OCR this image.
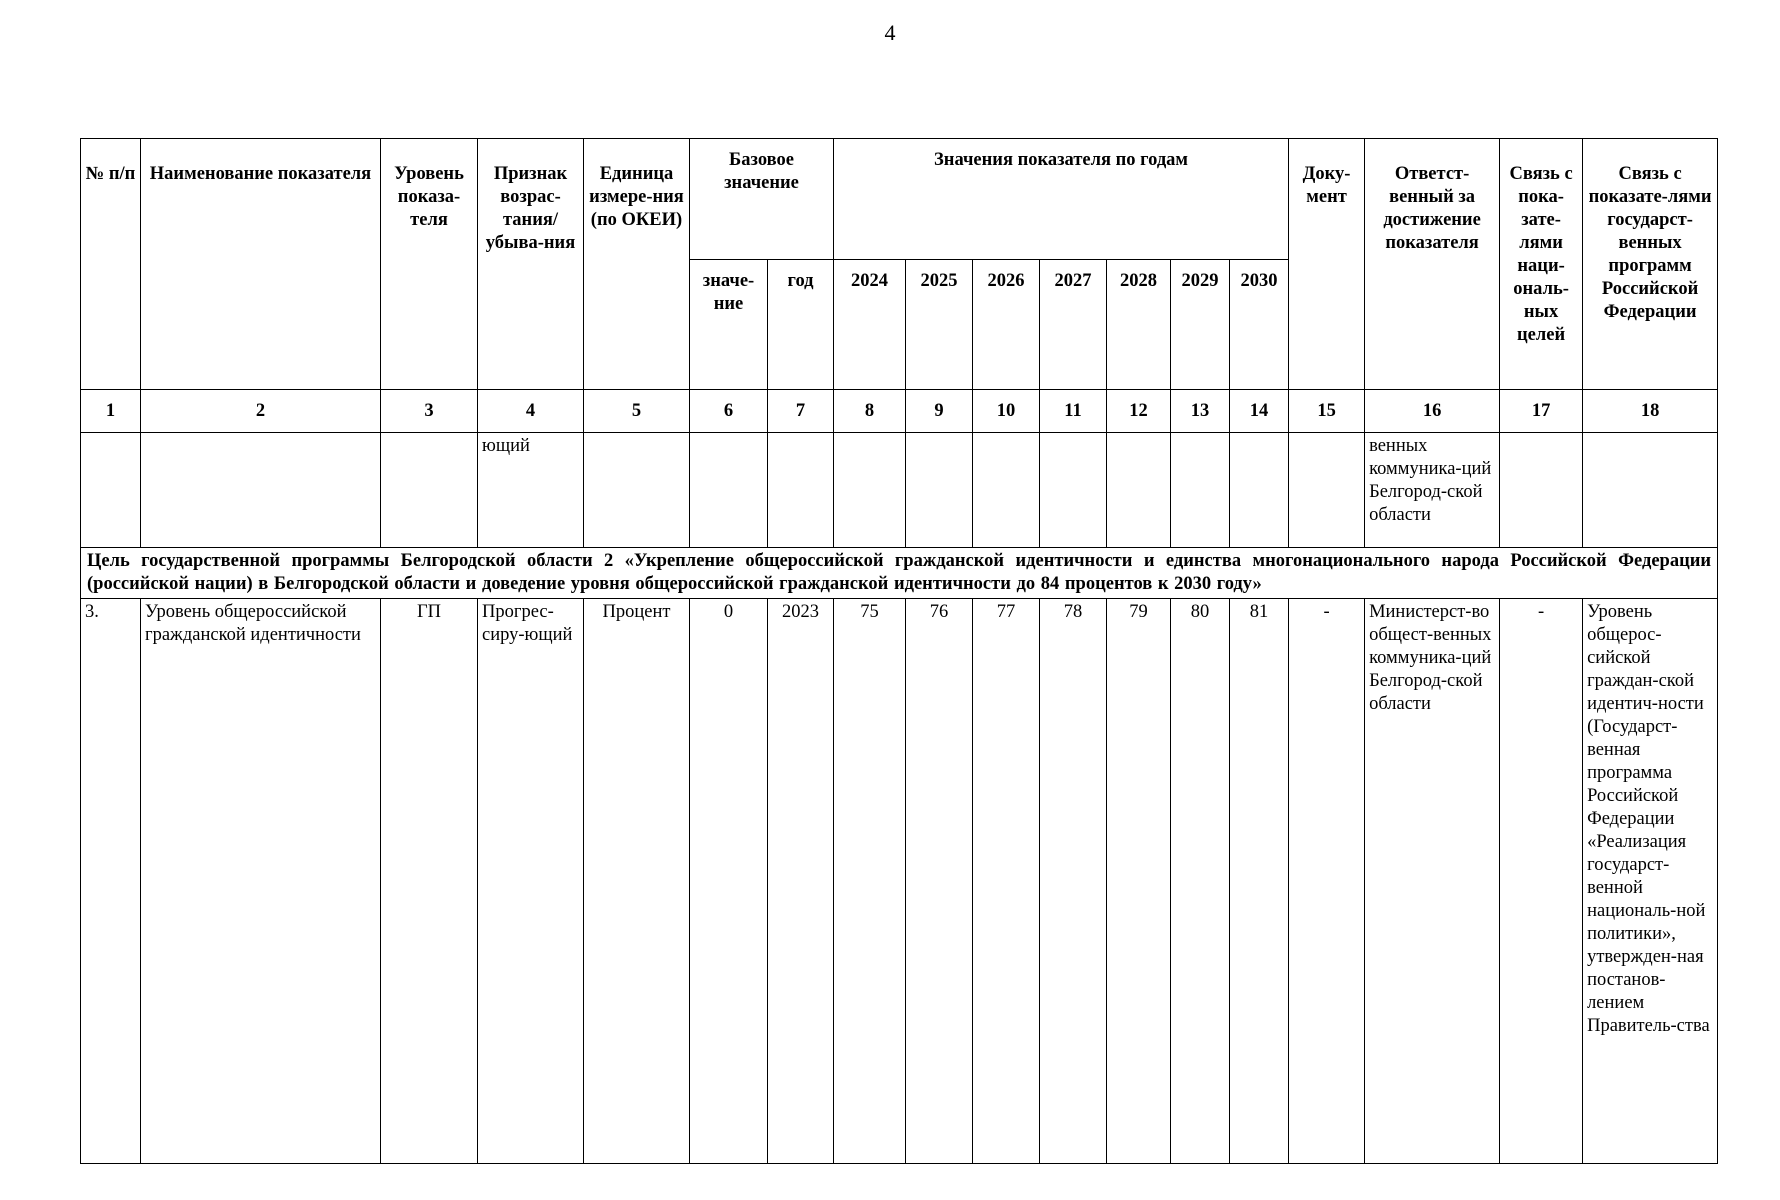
4
№ п/п	Наименование показателя	Уровень показа-теля	Признак возрас-тания/ убыва-ния	Единица измере-ния (по ОКЕИ)	Базовое значение		Значения показателя по годам							Доку-мент	Ответст-венный за достижение показателя	Связь с пока-зате-лями наци-ональ-ных целей	Связь с показате-лями государст-венных программ Российской Федерации
					значе-ние	год	2024	2025	2026	2027	2028	2029	2030				
1	2	3	4	5	6	7	8	9	10	11	12	13	14	15	16	17	18
			ющий												венных коммуника-ций Белгород-ской области		
Цель государственной программы Белгородской области 2 «Укрепление общероссийской гражданской идентичности и единства многонационального народа Российской Федерации (российской нации) в Белгородской области и доведение уровня общероссийской гражданской идентичности до 84 процентов к 2030 году»																	
3.	Уровень общероссийской гражданской идентичности	ГП	Прогрес-сиру-ющий	Процент	0	2023	75	76	77	78	79	80	81	-	Министерст-во общест-венных коммуника-ций Белгород-ской области	-	Уровень общерос-сийской граждан-ской идентич-ности (Государст-венная программа Российской Федерации «Реализация государст-венной националь-ной политики», утвержден-ная постанов-лением Правитель-ства
